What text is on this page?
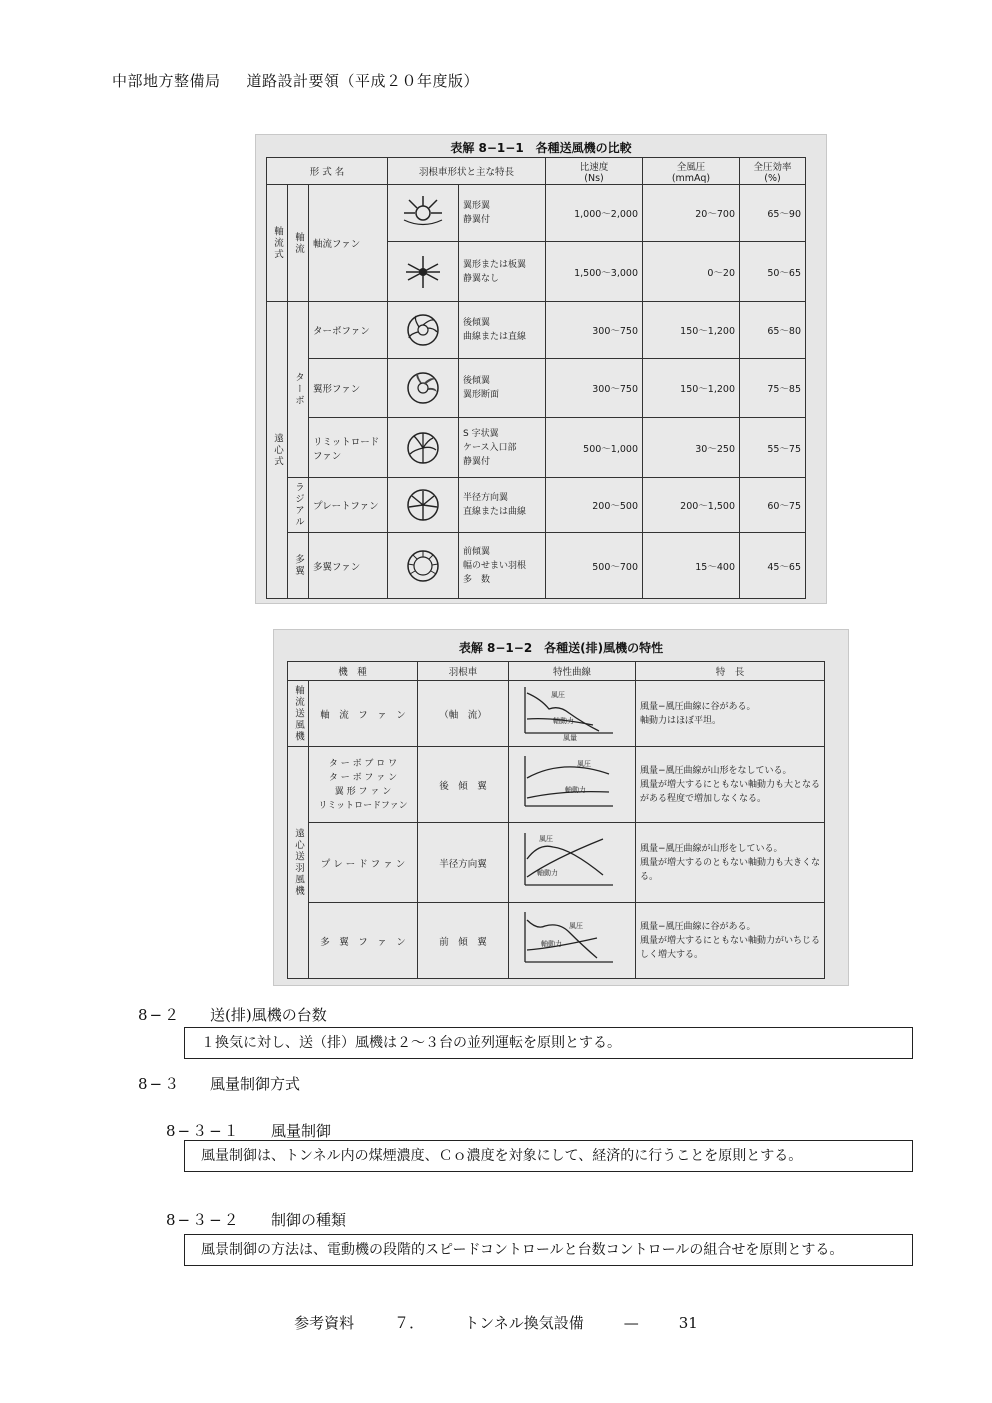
中部地方整備局 道路設計要領（平成２０年度版）
表解 8−1−1　各種送風機の比較
形 式 名			羽根車形状と主な特長		比速度
(Ns)	全風圧
(mmAq)	全圧効率
(%)
軸流式	軸流	軸流ファン		翼形翼
静翼付	1,000〜2,000	20〜700	65〜90

	翼形または板翼
静翼なし	1,500〜3,000	0〜20	50〜65
遠心式	ターボ	ターボファン		後傾翼
曲線または直線	300〜750	150〜1,200	65〜80
		翼形ファン		後傾翼
翼形断面	300〜750	150〜1,200	75〜85
		リミットロード
ファン		S 字状翼
ケース入口部
静翼付	500〜1,000	30〜250	55〜75
	ラジアル	プレートファン		半径方向翼
直線または曲線	200〜500	200〜1,500	60〜75
	多翼	多翼ファン		前傾翼
幅のせまい羽根
多　数	500〜700	15〜400	45〜65
表解 8−1−2　各種送(排)風機の特性
機　種		羽根車	特性曲線	特　長
軸流送風機	軸　流　フ　ァ　ン	（軸　流）	風圧
軸動力
風量	風量−風圧曲線に谷がある。
軸動力はほぼ平坦。
遠心送羽風機	タ ー ボ ブ ロ ワ
タ ー ボ フ ァ ン
翼 形 フ ァ ン
リミットロードファン	後　傾　翼	風圧
軸動力	風量−風圧曲線が山形をなしている。
風量が増大するにともない軸動力も大となるがある程度で増加しなくなる。
	プ レ ー ド フ ァ ン	半径方向翼	風圧
軸動力	風量−風圧曲線が山形をしている。
風量が増大するのともない軸動力も大きくなる。
	多　翼　フ　ァ　ン	前　傾　翼	風圧
軸動力	風量−風圧曲線に谷がある。
風量が増大するにともない軸動力がいちじるしく増大する。
8−２ 送(排)風機の台数
１換気に対し、送（排）風機は２〜３台の並列運転を原則とする。
8−３ 風量制御方式
8−３−１ 風量制御
風量制御は、トンネル内の煤煙濃度、Ｃｏ濃度を対象にして、経済的に行うことを原則とする。
8−３−２ 制御の種類
風景制御の方法は、電動機の段階的スピードコントロールと台数コントロールの組合せを原則とする。
参考資料	７．	トンネル換気設備	—	31
